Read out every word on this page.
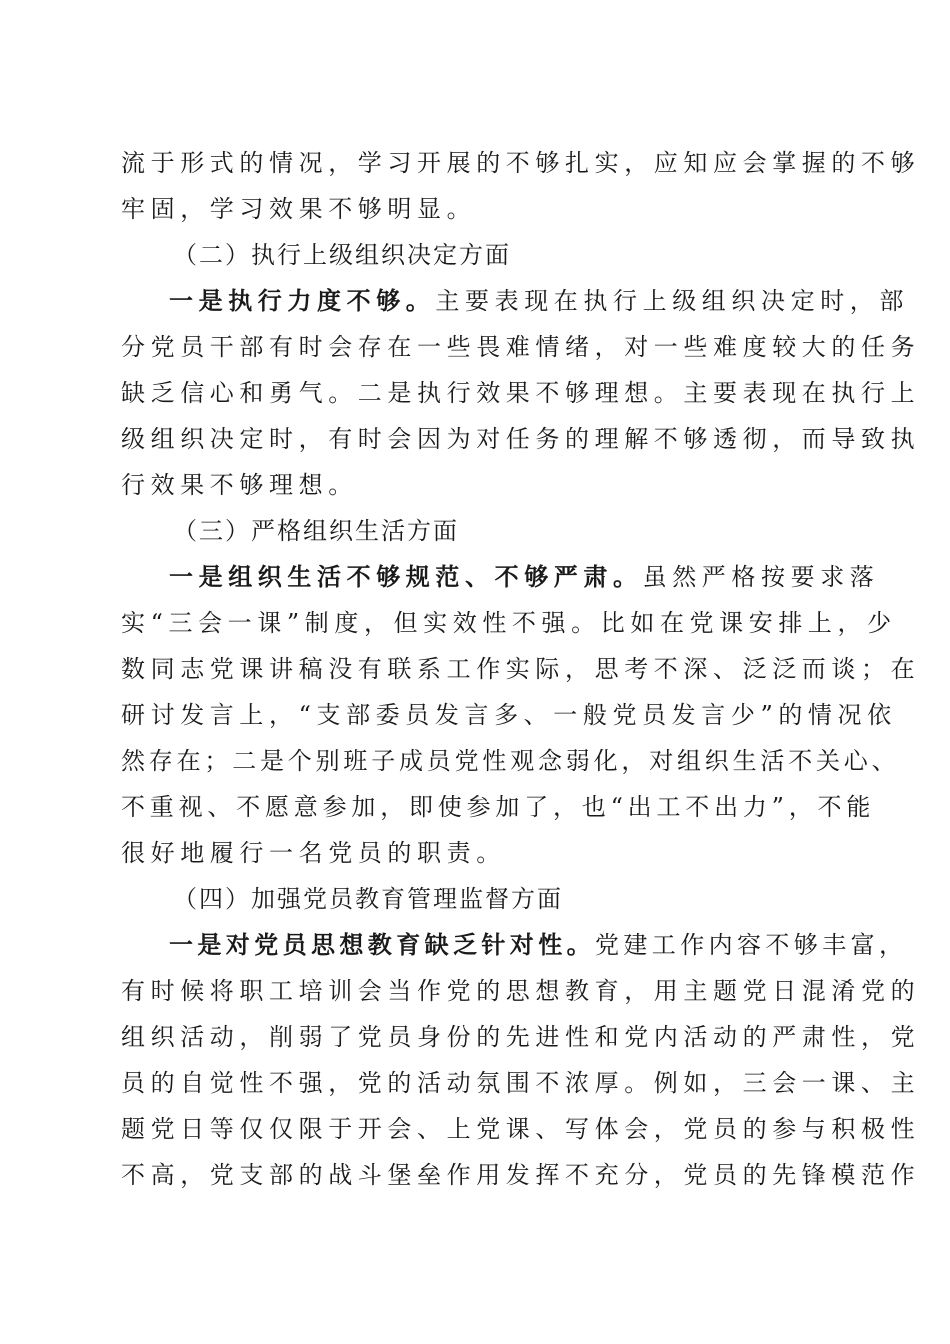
流于形式的情况，学习开展的不够扎实，应知应会掌握的不够
牢固，学习效果不够明显。
（二）执行上级组织决定方面
一是执行力度不够。主要表现在执行上级组织决定时，部
分党员干部有时会存在一些畏难情绪，对一些难度较大的任务
缺乏信心和勇气。二是执行效果不够理想。主要表现在执行上
级组织决定时，有时会因为对任务的理解不够透彻，而导致执
行效果不够理想。
（三）严格组织生活方面
一是组织生活不够规范、不够严肃。虽然严格按要求落
实“三会一课”制度，但实效性不强。比如在党课安排上，少
数同志党课讲稿没有联系工作实际，思考不深、泛泛而谈；在
研讨发言上，“支部委员发言多、一般党员发言少”的情况依
然存在；二是个别班子成员党性观念弱化，对组织生活不关心、
不重视、不愿意参加，即使参加了，也“出工不出力”，不能
很好地履行一名党员的职责。
（四）加强党员教育管理监督方面
一是对党员思想教育缺乏针对性。党建工作内容不够丰富，
有时候将职工培训会当作党的思想教育，用主题党日混淆党的
组织活动，削弱了党员身份的先进性和党内活动的严肃性，党
员的自觉性不强，党的活动氛围不浓厚。例如，三会一课、主
题党日等仅仅限于开会、上党课、写体会，党员的参与积极性
不高，党支部的战斗堡垒作用发挥不充分，党员的先锋模范作
